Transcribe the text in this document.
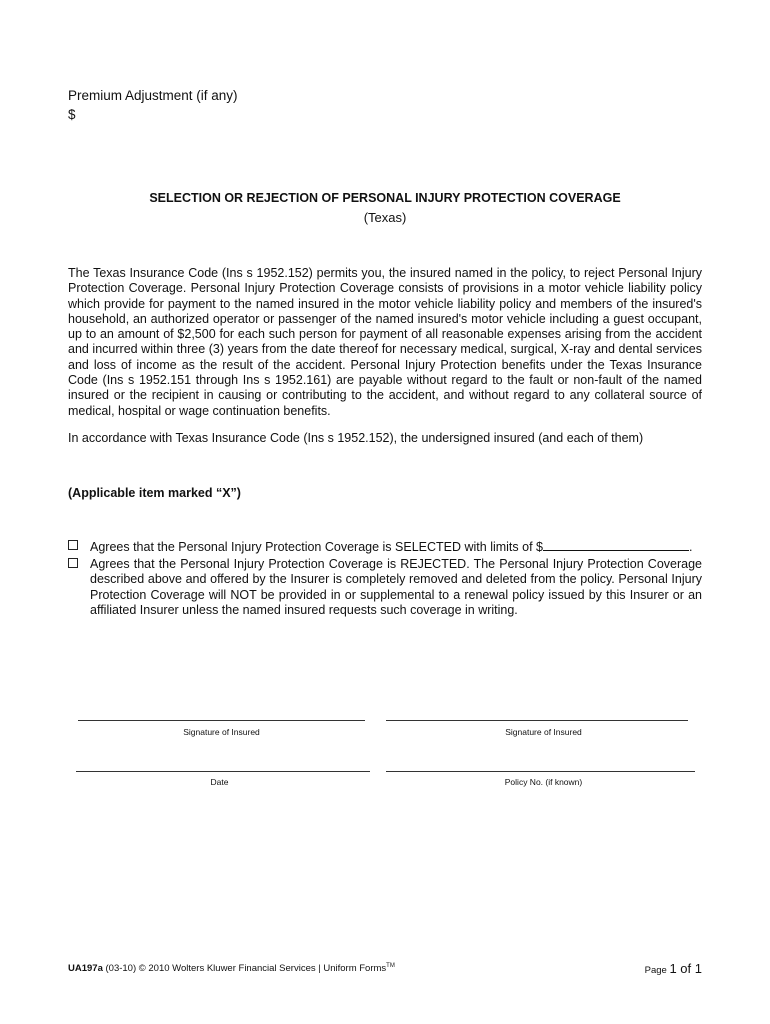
Premium Adjustment (if any)
$
SELECTION OR REJECTION OF PERSONAL INJURY PROTECTION COVERAGE
(Texas)
The Texas Insurance Code (Ins s 1952.152) permits you, the insured named in the policy, to reject Personal Injury Protection Coverage. Personal Injury Protection Coverage consists of provisions in a motor vehicle liability policy which provide for payment to the named insured in the motor vehicle liability policy and members of the insured's household, an authorized operator or passenger of the named insured's motor vehicle including a guest occupant, up to an amount of $2,500 for each such person for payment of all reasonable expenses arising from the accident and incurred within three (3) years from the date thereof for necessary medical, surgical, X-ray and dental services and loss of income as the result of the accident. Personal Injury Protection benefits under the Texas Insurance Code (Ins s 1952.151 through Ins s 1952.161) are payable without regard to the fault or non-fault of the named insured or the recipient in causing or contributing to the accident, and without regard to any collateral source of medical, hospital or wage continuation benefits.
In accordance with Texas Insurance Code (Ins s 1952.152), the undersigned insured (and each of them)
(Applicable item marked “X”)
Agrees that the Personal Injury Protection Coverage is SELECTED with limits of $	.
Agrees that the Personal Injury Protection Coverage is REJECTED. The Personal Injury Protection Coverage described above and offered by the Insurer is completely removed and deleted from the policy. Personal Injury Protection Coverage will NOT be provided in or supplemental to a renewal policy issued by this Insurer or an affiliated Insurer unless the named insured requests such coverage in writing.
Signature of Insured	Signature of Insured
Date	Policy No. (if known)
UA197a (03-10) © 2010 Wolters Kluwer Financial Services | Uniform Forms™	Page 1 of 1
